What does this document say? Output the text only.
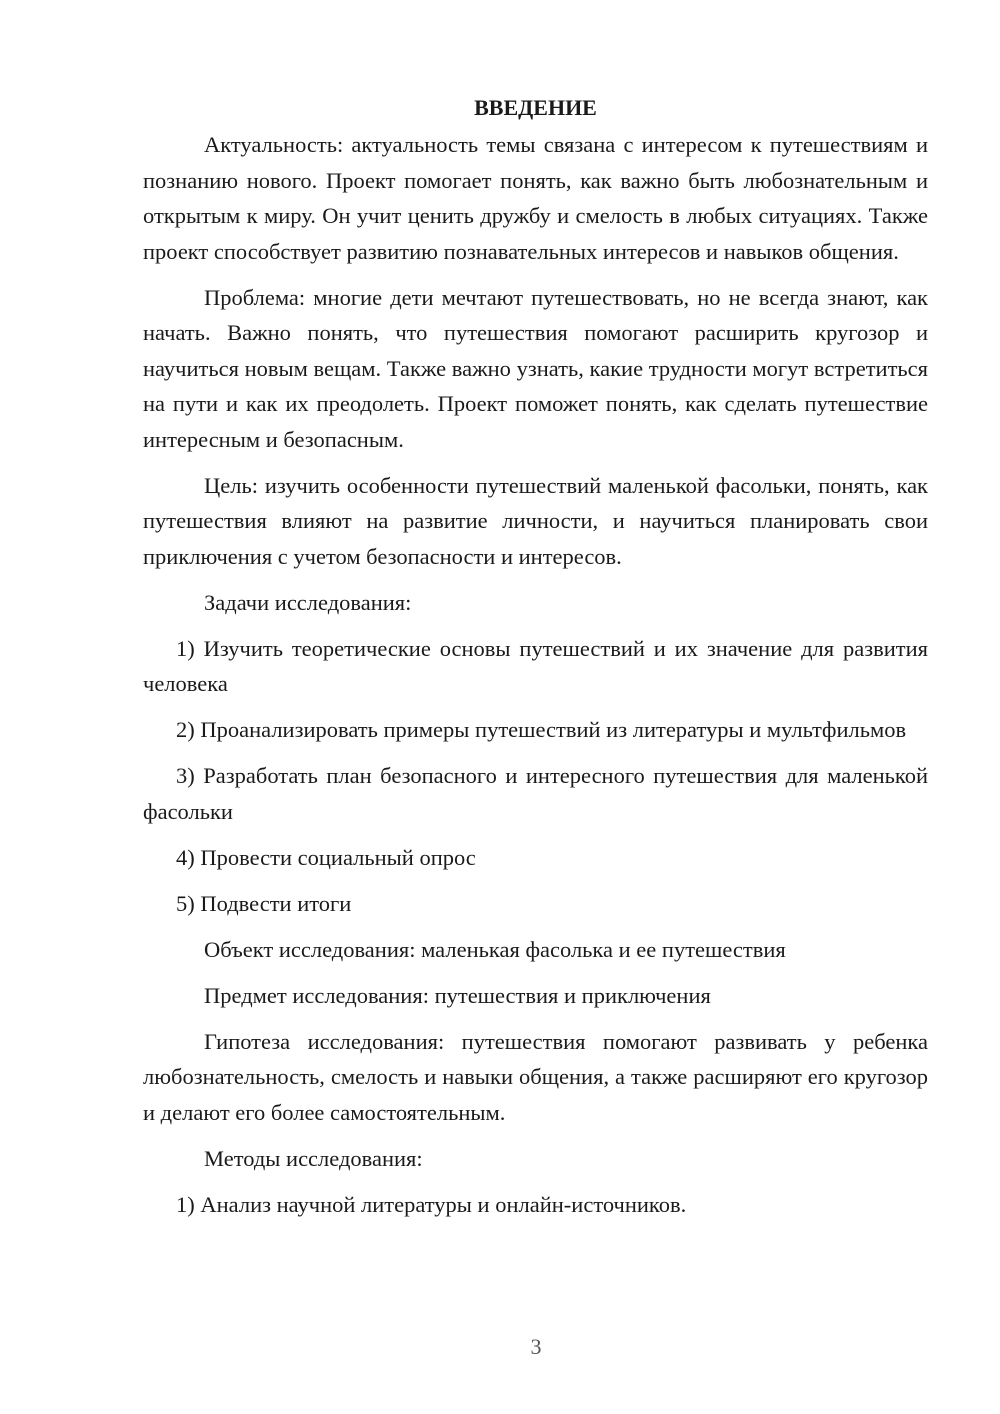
ВВЕДЕНИЕ

Актуальность: актуальность темы связана с интересом к путешествиям и познанию нового. Проект помогает понять, как важно быть любознательным и открытым к миру. Он учит ценить дружбу и смелость в любых ситуациях. Также проект способствует развитию познавательных интересов и навыков общения.

Проблема: многие дети мечтают путешествовать, но не всегда знают, как начать. Важно понять, что путешествия помогают расширить кругозор и научиться новым вещам. Также важно узнать, какие трудности могут встретиться на пути и как их преодолеть. Проект поможет понять, как сделать путешествие интересным и безопасным.

Цель: изучить особенности путешествий маленькой фасольки, понять, как путешествия влияют на развитие личности, и научиться планировать свои приключения с учетом безопасности и интересов.

Задачи исследования:

1) Изучить теоретические основы путешествий и их значение для развития человека

2) Проанализировать примеры путешествий из литературы и мультфильмов

3) Разработать план безопасного и интересного путешествия для маленькой фасольки

4) Провести социальный опрос

5) Подвести итоги

Объект исследования: маленькая фасолька и ее путешествия

Предмет исследования: путешествия и приключения

Гипотеза исследования: путешествия помогают развивать у ребенка любознательность, смелость и навыки общения, а также расширяют его кругозор и делают его более самостоятельным.

Методы исследования:

1) Анализ научной литературы и онлайн-источников.

3
